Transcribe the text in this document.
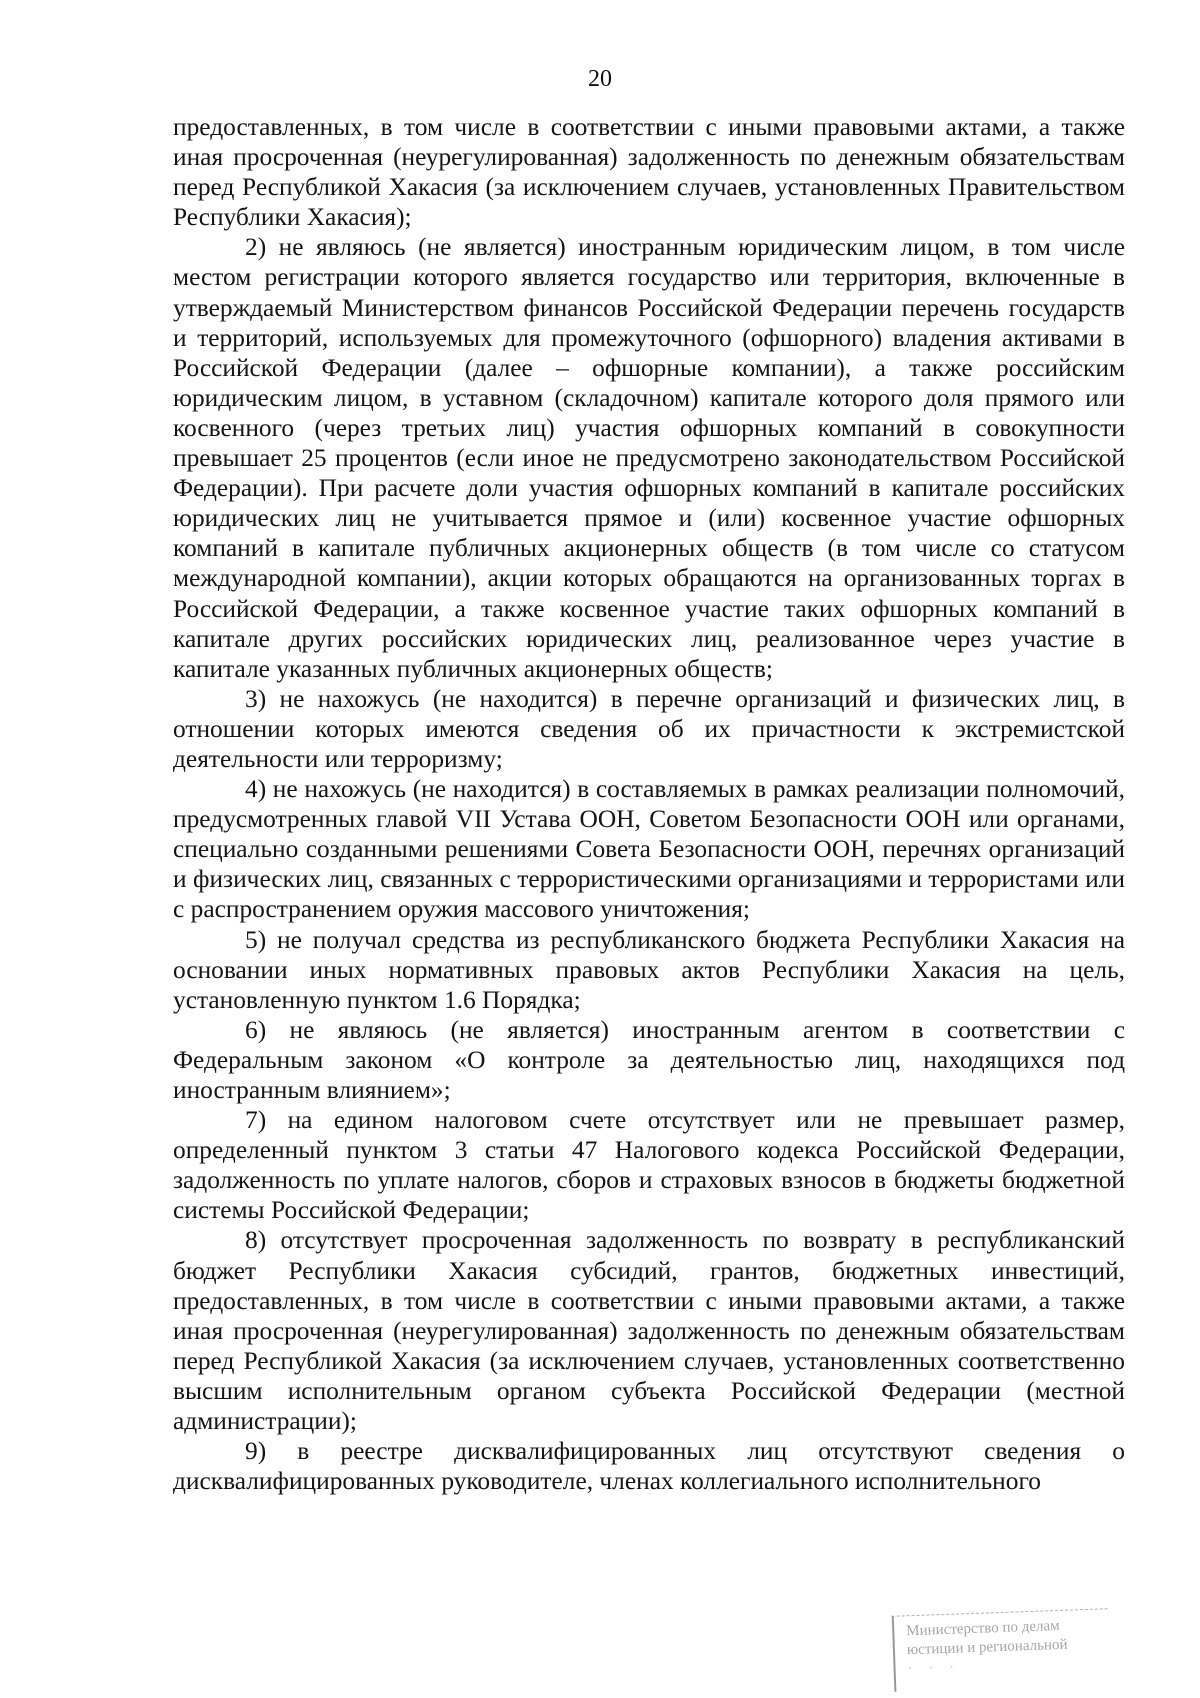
20

предоставленных, в том числе в соответствии с иными правовыми актами, а также иная просроченная (неурегулированная) задолженность по денежным обязательствам перед Республикой Хакасия (за исключением случаев, установленных Правительством Республики Хакасия);

2) не являюсь (не является) иностранным юридическим лицом, в том числе местом регистрации которого является государство или территория, включенные в утверждаемый Министерством финансов Российской Федерации перечень государств и территорий, используемых для промежуточного (офшорного) владения активами в Российской Федерации (далее – офшорные компании), а также российским юридическим лицом, в уставном (складочном) капитале которого доля прямого или косвенного (через третьих лиц) участия офшорных компаний в совокупности превышает 25 процентов (если иное не предусмотрено законодательством Российской Федерации). При расчете доли участия офшорных компаний в капитале российских юридических лиц не учитывается прямое и (или) косвенное участие офшорных компаний в капитале публичных акционерных обществ (в том числе со статусом международной компании), акции которых обращаются на организованных торгах в Российской Федерации, а также косвенное участие таких офшорных компаний в капитале других российских юридических лиц, реализованное через участие в капитале указанных публичных акционерных обществ;

3) не нахожусь (не находится) в перечне организаций и физических лиц, в отношении которых имеются сведения об их причастности к экстремистской деятельности или терроризму;

4) не нахожусь (не находится) в составляемых в рамках реализации полномочий, предусмотренных главой VII Устава ООН, Советом Безопасности ООН или органами, специально созданными решениями Совета Безопасности ООН, перечнях организаций и физических лиц, связанных с террористическими организациями и террористами или с распространением оружия массового уничтожения;

5) не получал средства из республиканского бюджета Республики Хакасия на основании иных нормативных правовых актов Республики Хакасия на цель, установленную пунктом 1.6 Порядка;

6) не являюсь (не является) иностранным агентом в соответствии с Федеральным законом «О контроле за деятельностью лиц, находящихся под иностранным влиянием»;

7) на едином налоговом счете отсутствует или не превышает размер, определенный пунктом 3 статьи 47 Налогового кодекса Российской Федерации, задолженность по уплате налогов, сборов и страховых взносов в бюджеты бюджетной системы Российской Федерации;

8) отсутствует просроченная задолженность по возврату в республиканский бюджет Республики Хакасия субсидий, грантов, бюджетных инвестиций, предоставленных, в том числе в соответствии с иными правовыми актами, а также иная просроченная (неурегулированная) задолженность по денежным обязательствам перед Республикой Хакасия (за исключением случаев, установленных соответственно высшим исполнительным органом субъекта Российской Федерации (местной администрации);

9) в реестре дисквалифицированных лиц отсутствуют сведения о дисквалифицированных руководителе, членах коллегиального исполнительного

Министерство по делам
юстиции и региональной
· · ·
